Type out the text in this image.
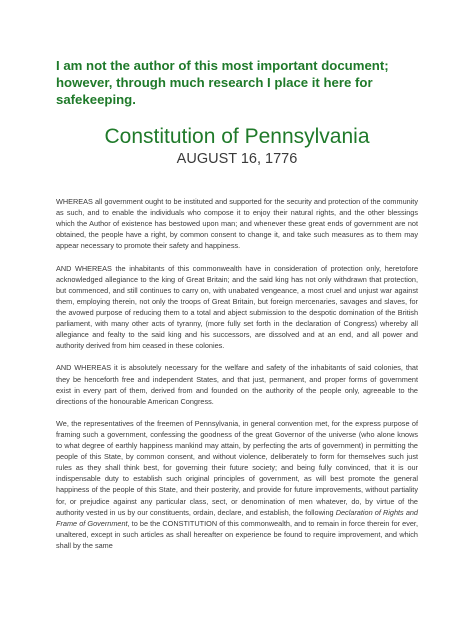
I am not the author of this most important document; however, through much research I place it here for safekeeping.
Constitution of Pennsylvania
AUGUST 16, 1776

WHEREAS all government ought to be instituted and supported for the security and protection of the community as such, and to enable the individuals who compose it to enjoy their natural rights, and the other blessings which the Author of existence has bestowed upon man; and whenever these great ends of government are not obtained, the people have a right, by common consent to change it, and take such measures as to them may appear necessary to promote their safety and happiness.

AND WHEREAS the inhabitants of this commonwealth have in consideration of protection only, heretofore acknowledged allegiance to the king of Great Britain; and the said king has not only withdrawn that protection, but commenced, and still continues to carry on, with unabated vengeance, a most cruel and unjust war against them, employing therein, not only the troops of Great Britain, but foreign mercenaries, savages and slaves, for the avowed purpose of reducing them to a total and abject submission to the despotic domination of the British parliament, with many other acts of tyranny, (more fully set forth in the declaration of Congress) whereby all allegiance and fealty to the said king and his successors, are dissolved and at an end, and all power and authority derived from him ceased in these colonies.

AND WHEREAS it is absolutely necessary for the welfare and safety of the inhabitants of said colonies, that they be henceforth free and independent States, and that just, permanent, and proper forms of government exist in every part of them, derived from and founded on the authority of the people only, agreeable to the directions of the honourable American Congress.

We, the representatives of the freemen of Pennsylvania, in general convention met, for the express purpose of framing such a government, confessing the goodness of the great Governor of the universe (who alone knows to what degree of earthly happiness mankind may attain, by perfecting the arts of government) in permitting the people of this State, by common consent, and without violence, deliberately to form for themselves such just rules as they shall think best, for governing their future society; and being fully convinced, that it is our indispensable duty to establish such original principles of government, as will best promote the general happiness of the people of this State, and their posterity, and provide for future improvements, without partiality for, or prejudice against any particular class, sect, or denomination of men whatever, do, by virtue of the authority vested in us by our constituents, ordain, declare, and establish, the following Declaration of Rights and Frame of Government, to be the CONSTITUTION of this commonwealth, and to remain in force therein for ever, unaltered, except in such articles as shall hereafter on experience be found to require improvement, and which shall by the same
